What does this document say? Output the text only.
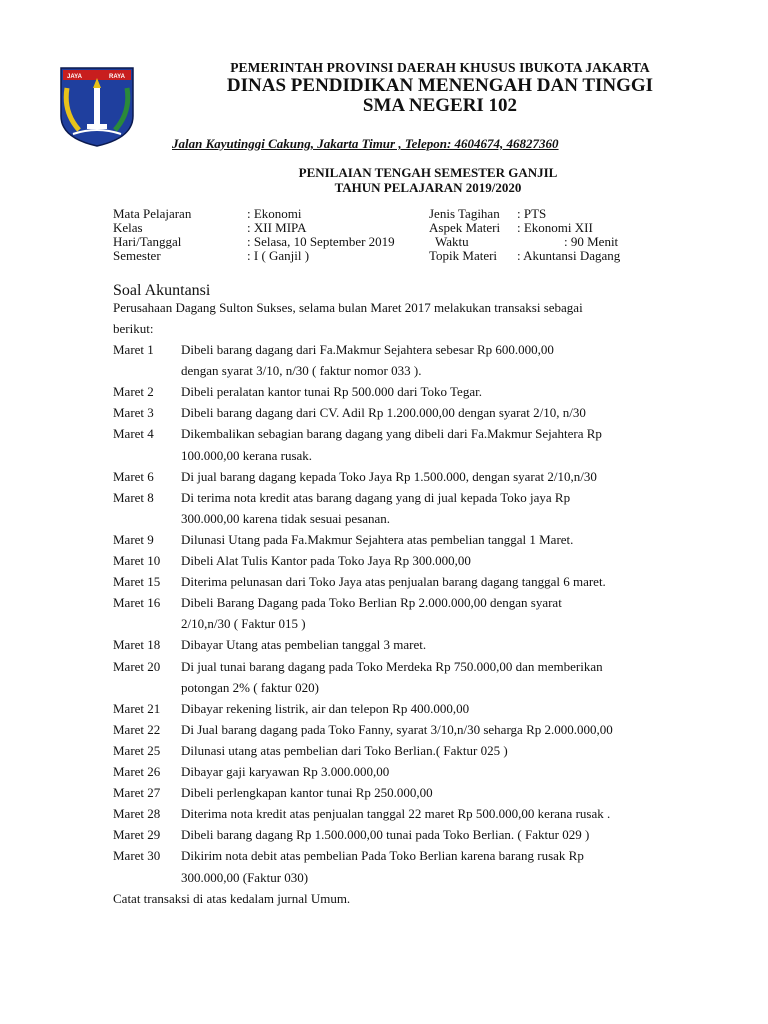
JAYA	RAYA
PEMERINTAH PROVINSI DAERAH KHUSUS IBUKOTA JAKARTA
DINAS PENDIDIKAN MENENGAH DAN TINGGI
SMA NEGERI 102
Jalan Kayutinggi Cakung, Jakarta Timur , Telepon: 4604674, 46827360
PENILAIAN TENGAH SEMESTER GANJIL
TAHUN PELAJARAN 2019/2020
Mata Pelajaran	: Ekonomi	Jenis Tagihan : PTS
Kelas	: XII MIPA	Aspek Materi : Ekonomi XII
Hari/Tanggal	: Selasa, 10 September 2019	Waktu	: 90 Menit
Semester	: I ( Ganjil )	Topik Materi : Akuntansi Dagang
Soal Akuntansi
Perusahaan Dagang Sulton Sukses, selama bulan Maret 2017 melakukan transaksi sebagai
berikut:
Maret 1 Dibeli barang dagang dari Fa.Makmur Sejahtera sebesar Rp 600.000,00
dengan syarat 3/10, n/30 ( faktur nomor 033 ).
Maret 2 Dibeli peralatan kantor tunai Rp 500.000 dari Toko Tegar.
Maret 3 Dibeli barang dagang dari CV. Adil Rp 1.200.000,00 dengan syarat 2/10, n/30
Maret 4 Dikembalikan sebagian barang dagang yang dibeli dari Fa.Makmur Sejahtera Rp
100.000,00 kerana rusak.
Maret 6 Di jual barang dagang kepada Toko Jaya Rp 1.500.000, dengan syarat 2/10,n/30
Maret 8 Di terima nota kredit atas barang dagang yang di jual kepada Toko jaya Rp
300.000,00 karena tidak sesuai pesanan.
Maret 9 Dilunasi Utang pada Fa.Makmur Sejahtera atas pembelian tanggal 1 Maret.
Maret 10 Dibeli Alat Tulis Kantor pada Toko Jaya Rp 300.000,00
Maret 15 Diterima pelunasan dari Toko Jaya atas penjualan barang dagang tanggal 6 maret.
Maret 16 Dibeli Barang Dagang pada Toko Berlian Rp 2.000.000,00 dengan syarat
2/10,n/30 ( Faktur 015 )
Maret 18 Dibayar Utang atas pembelian tanggal 3 maret.
Maret 20 Di jual tunai barang dagang pada Toko Merdeka Rp 750.000,00 dan memberikan
potongan 2% ( faktur 020)
Maret 21 Dibayar rekening listrik, air dan telepon Rp 400.000,00
Maret 22 Di Jual barang dagang pada Toko Fanny, syarat 3/10,n/30 seharga Rp 2.000.000,00
Maret 25 Dilunasi utang atas pembelian dari Toko Berlian.( Faktur 025 )
Maret 26 Dibayar gaji karyawan Rp 3.000.000,00
Maret 27 Dibeli perlengkapan kantor tunai Rp 250.000,00
Maret 28 Diterima nota kredit atas penjualan tanggal 22 maret Rp 500.000,00 kerana rusak .
Maret 29 Dibeli barang dagang Rp 1.500.000,00 tunai pada Toko Berlian. ( Faktur 029 )
Maret 30 Dikirim nota debit atas pembelian Pada Toko Berlian karena barang rusak Rp
300.000,00 (Faktur 030)
Catat transaksi di atas kedalam jurnal Umum.
